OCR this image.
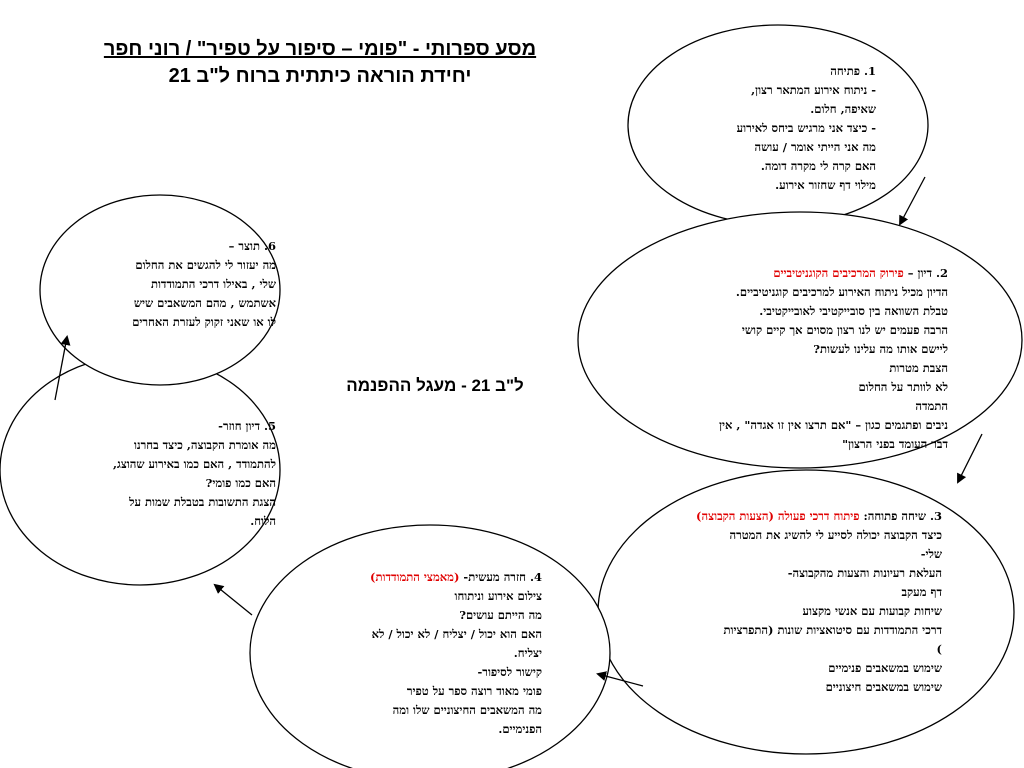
מסע ספרותי - "פומי – סיפור על טפיר" / רוני חפר
יחידת הוראה כיתתית ברוח ל"ב 21
ל"ב 21 - מעגל ההפנמה
1. פתיחה
- ניתוח אירוע המתאר רצון,
שאיפה, חלום.
- כיצד אני מרגיש ביחס לאירוע
מה אני הייתי אומר / עושה
האם קרה לי מקרה דומה.
מילוי דף שחזור אירוע.
2. דיון – פירוק המרכיבים הקוגניטיביים
הדיון מכיל ניתוח האירוע למרכיבים קוגניטיביים.
טבלת השוואה בין סובייקטיבי לאובייקטיבי.
הרבה פעמים יש לנו רצון מסוים אך קיים קושי
ליישם אותו מה עלינו לעשות?
הצבת מטרות
לא לוותר על החלום
התמדה
ניבים ופתגמים כגון – "אם תרצו אין זו אגדה" , אין
דבר העומד בפני הרצון"
3. שיחה פתוחה: פיתוח דרכי פעולה (הצעות הקבוצה)
כיצד הקבוצה יכולה לסייע לי להשיג את המטרה
שלי-
העלאת רעיונות והצעות מהקבוצה-
דף מעקב
שיחות קבועות עם אנשי מקצוע
דרכי התמודדות עם סיטואציות שונות (התפרציות
)
שימוש במשאבים פנימיים
שימוש במשאבים חיצוניים
4. חזרה מעשית- (מאמצי התמודדות)
צילום אירוע וניתוחו
מה הייתם עושים?
האם הוא יכול / יצליח / לא יכול / לא
יצליח.
קישור לסיפור-
פומי מאוד רוצה ספר על טפיר
מה המשאבים החיצוניים שלו ומה
הפנימיים.
5. דיון חוזר-
מה אומרת הקבוצה, כיצד בחרנו
להתמודד , האם כמו באירוע שהוצג,
האם כמו פומי?
הצגת התשובות בטבלת שמות על
הלוח.
6. תוצר –
מה יעזור לי להגשים את החלום
שלי , באילו דרכי התמודדות
אשתמש , מהם המשאבים שיש
לו או שאני זקוק לעזרת האחרים
